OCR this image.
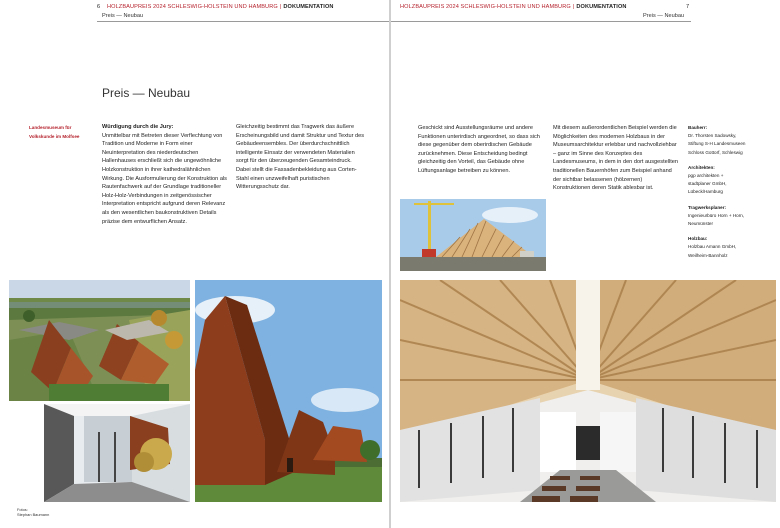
6 HOLZBAUPREIS 2024 SCHLESWIG-HOLSTEIN UND HAMBURG | DOKUMENTATION
Preis — Neubau
Preis — Neubau
Landesmuseum für Volkskunde im Molfsee
Würdigung durch die Jury:
Unmittelbar mit Betreten dieser Verflechtung von Tradition und Moderne in Form einer Neuinterpretation des niederdeutschen Hallenhauses erschließt sich die ungewöhnliche Holzkonstruktion in ihrer kathedralähnlichen Wirkung. Die Ausformulierung der Konstruktion als Rautenfachwerk auf der Grundlage traditioneller Holz-Holz-Verbindungen in zeitgenössischer Interpretation entspricht aufgrund deren Relevanz als den wesentlichen baukonstruktiven Details präzise dem entwurflichen Ansatz.
Gleichzeitig bestimmt das Tragwerk das äußere Erscheinungsbild und damit Struktur und Textur des Gebäudeensembles. Der überdurchschnittlich intelligente Einsatz der verwendeten Materialien sorgt für den überzeugenden Gesamteindruck. Dabei stellt die Fassadenbekleidung aus Corten-Stahl einen unzweifelhaft puristischen Witterungsschutz dar.
Fotos:
Stephan Baumann
HOLZBAUPREIS 2024 SCHLESWIG-HOLSTEIN UND HAMBURG | DOKUMENTATION	7
Preis — Neubau
Geschickt sind Ausstellungsräume und andere Funktionen unterirdisch angeordnet, so dass sich diese gegenüber dem oberirdischen Gebäude zurücknehmen. Diese Entscheidung bedingt gleichzeitig den Vorteil, das Gebäude ohne Lüftungsanlage betreiben zu können.
Mit diesem außerordentlichen Beispiel werden die Möglichkeiten des modernen Holzbaus in der Museumsarchitektur erlebbar und nachvollziehbar – ganz im Sinne des Konzeptes des Landesmuseums, in dem in den dort ausgestellten traditionellen Bauernhöfen zum Beispiel anhand der sichtbar belassenen (hölzernen) Konstruktionen deren Statik ablesbar ist.
Bauherr:
Dr. Thorsten Sadowsky,
Stiftung S-H Landesmuseen
Schloss Gottorf, Schleswig
Architekten:
pgp architekten +
stadtplaner GmbH,
Lübeck/Hamburg
Tragwerksplaner:
Ingenieurbüro Horn + Horn,
Neumünster
Holzbau:
Holzbau Amann GmbH,
Weilheim-Bannholz
